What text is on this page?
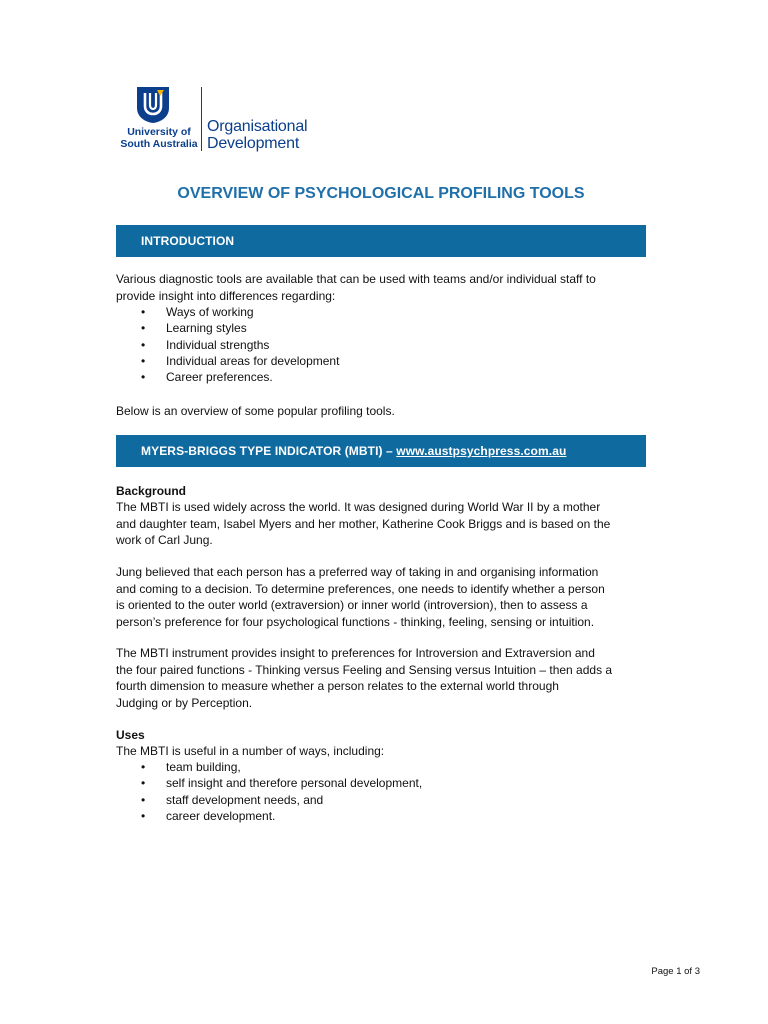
University of
South Australia
Organisational
Development
OVERVIEW OF PSYCHOLOGICAL PROFILING TOOLS
INTRODUCTION

Various diagnostic tools are available that can be used with teams and/or individual staff to

provide insight into differences regarding:

• Ways of working
• Learning styles
• Individual strengths
• Individual areas for development
• Career preferences.

Below is an overview of some popular profiling tools.

MYERS-BRIGGS TYPE INDICATOR (MBTI) – www.austpsychpress.com.au
Background

The MBTI is used widely across the world. It was designed during World War II by a mother

and daughter team, Isabel Myers and her mother, Katherine Cook Briggs and is based on the

work of Carl Jung.

Jung believed that each person has a preferred way of taking in and organising information

and coming to a decision. To determine preferences, one needs to identify whether a person

is oriented to the outer world (extraversion) or inner world (introversion), then to assess a

person’s preference for four psychological functions - thinking, feeling, sensing or intuition.

The MBTI instrument provides insight to preferences for Introversion and Extraversion and

the four paired functions - Thinking versus Feeling and Sensing versus Intuition – then adds a

fourth dimension to measure whether a person relates to the external world through

Judging or by Perception.

Uses

The MBTI is useful in a number of ways, including:

• team building,
• self insight and therefore personal development,
• staff development needs, and
• career development.
Page 1 of 3
